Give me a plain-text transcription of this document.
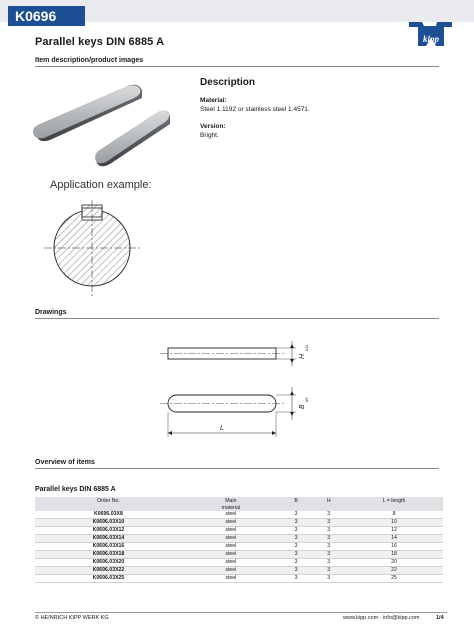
K0696
Parallel keys DIN 6885 A	kipp
Item description/product images
Description
Material:
Steel 1.1192 or stainless steel 1.4571.
Version:
Bright.
Application example:
Drawings
H
h11
B
h9
L
Overview of items
Parallel keys DIN 6885 A
Order No.	Main	B	H	L = length
	material			
K0696.03X8	steel	3	3	8
K0696.03X10	steel	3	3	10
K0696.03X12	steel	3	3	12
K0696.03X14	steel	3	3	14
K0696.03X16	steel	3	3	16
K0696.03X18	steel	3	3	18
K0696.03X20	steel	3	3	20
K0696.03X22	steel	3	3	22
K0696.03X25	steel	3	3	25
© HEINRICH KIPP WERK KG	www.kipp.com · info@kipp.com	1/4
